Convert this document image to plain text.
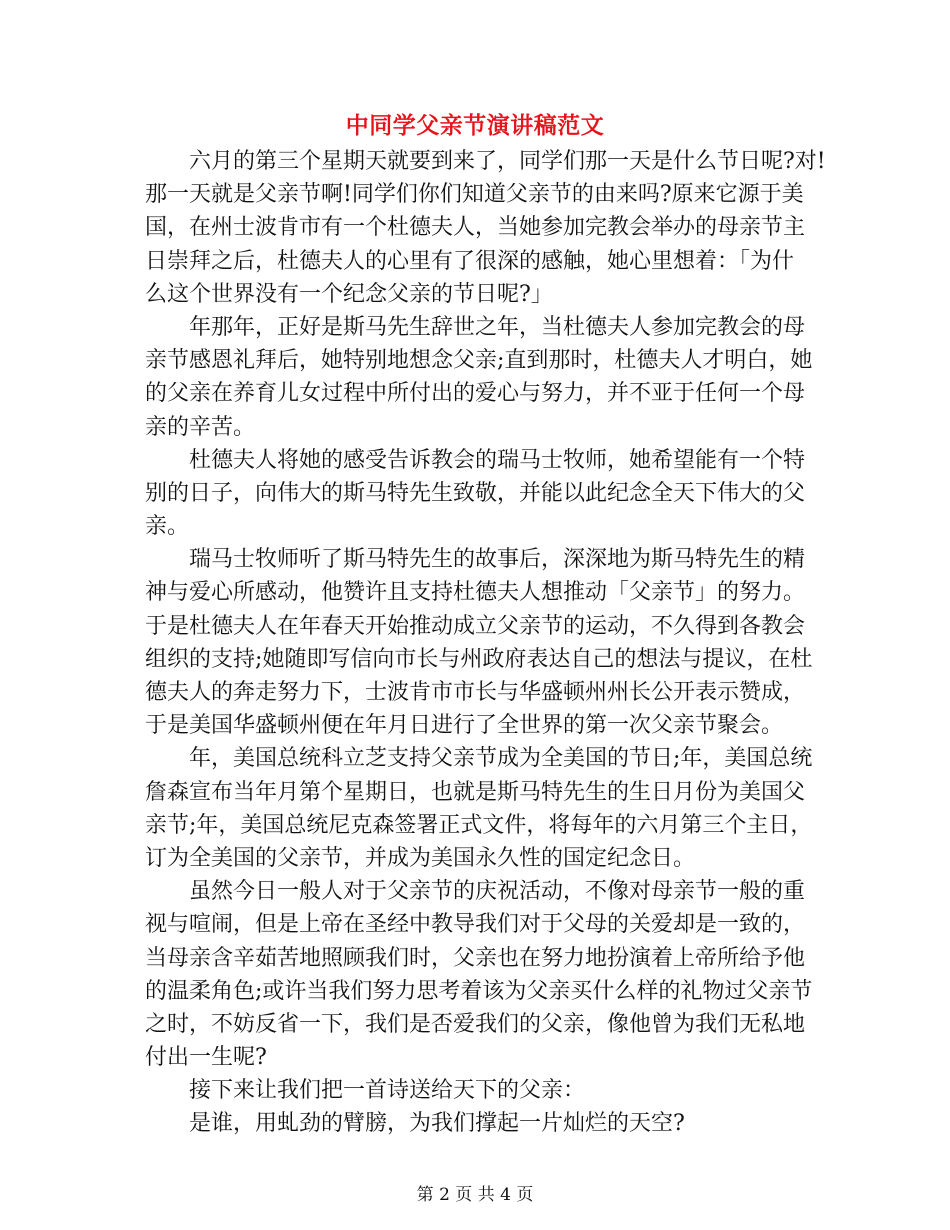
中同学父亲节演讲稿范文
六月的第三个星期天就要到来了，同学们那一天是什么节日呢?对!
那一天就是父亲节啊!同学们你们知道父亲节的由来吗?原来它源于美
国，在州士波肯市有一个杜德夫人，当她参加完教会举办的母亲节主
日崇拜之后，杜德夫人的心里有了很深的感触，她心里想着：「为什
么这个世界没有一个纪念父亲的节日呢?」
年那年，正好是斯马先生辞世之年，当杜德夫人参加完教会的母
亲节感恩礼拜后，她特别地想念父亲;直到那时，杜德夫人才明白，她
的父亲在养育儿女过程中所付出的爱心与努力，并不亚于任何一个母
亲的辛苦。
杜德夫人将她的感受告诉教会的瑞马士牧师，她希望能有一个特
别的日子，向伟大的斯马特先生致敬，并能以此纪念全天下伟大的父
亲。
瑞马士牧师听了斯马特先生的故事后，深深地为斯马特先生的精
神与爱心所感动，他赞许且支持杜德夫人想推动「父亲节」的努力。
于是杜德夫人在年春天开始推动成立父亲节的运动，不久得到各教会
组织的支持;她随即写信向市长与州政府表达自己的想法与提议，在杜
德夫人的奔走努力下，士波肯市市长与华盛顿州州长公开表示赞成，
于是美国华盛顿州便在年月日进行了全世界的第一次父亲节聚会。
年，美国总统科立芝支持父亲节成为全美国的节日;年，美国总统
詹森宣布当年月第个星期日，也就是斯马特先生的生日月份为美国父
亲节;年，美国总统尼克森签署正式文件，将每年的六月第三个主日，
订为全美国的父亲节，并成为美国永久性的国定纪念日。
虽然今日一般人对于父亲节的庆祝活动，不像对母亲节一般的重
视与喧闹，但是上帝在圣经中教导我们对于父母的关爱却是一致的，
当母亲含辛茹苦地照顾我们时，父亲也在努力地扮演着上帝所给予他
的温柔角色;或许当我们努力思考着该为父亲买什么样的礼物过父亲节
之时，不妨反省一下，我们是否爱我们的父亲，像他曾为我们无私地
付出一生呢?
接下来让我们把一首诗送给天下的父亲：
是谁，用虬劲的臂膀，为我们撑起一片灿烂的天空?
第 2 页 共 4 页
